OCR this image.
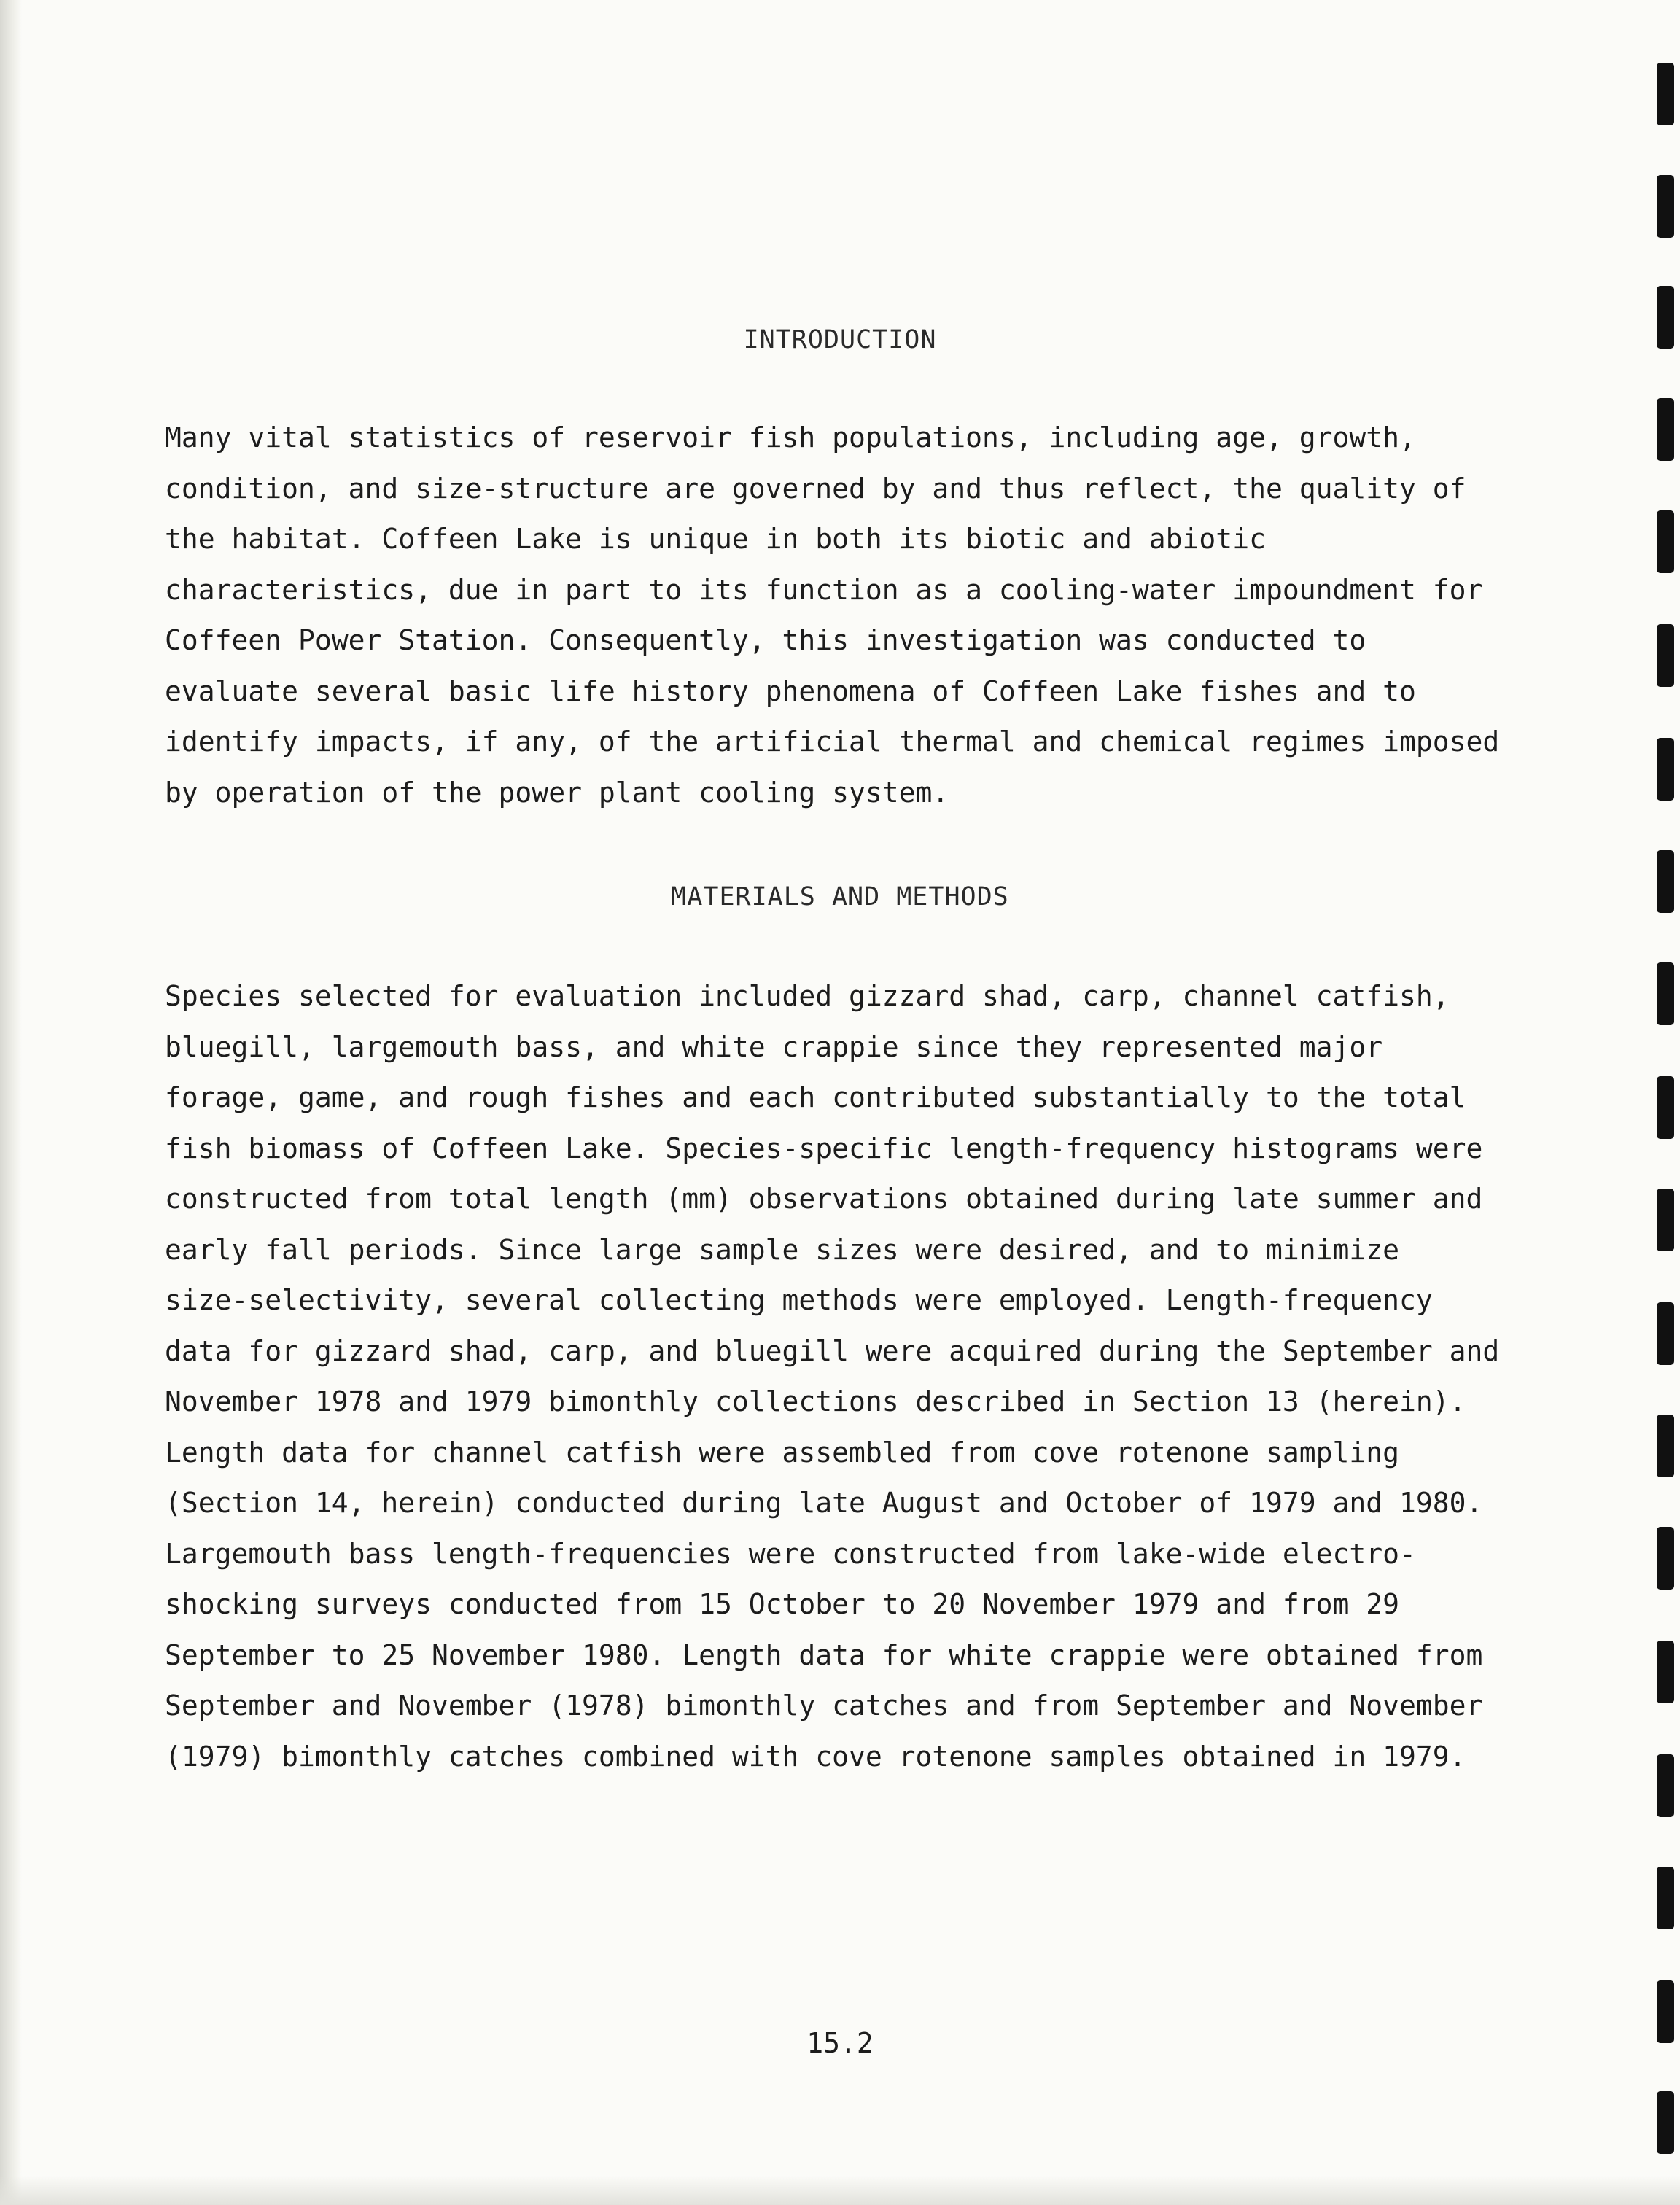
INTRODUCTION
Many vital statistics of reservoir fish populations, including age, growth,
condition, and size-structure are governed by and thus reflect, the quality of
the habitat. Coffeen Lake is unique in both its biotic and abiotic
characteristics, due in part to its function as a cooling-water impoundment for
Coffeen Power Station. Consequently, this investigation was conducted to
evaluate several basic life history phenomena of Coffeen Lake fishes and to
identify impacts, if any, of the artificial thermal and chemical regimes imposed
by operation of the power plant cooling system.
MATERIALS AND METHODS
Species selected for evaluation included gizzard shad, carp, channel catfish,
bluegill, largemouth bass, and white crappie since they represented major
forage, game, and rough fishes and each contributed substantially to the total
fish biomass of Coffeen Lake. Species-specific length-frequency histograms were
constructed from total length (mm) observations obtained during late summer and
early fall periods. Since large sample sizes were desired, and to minimize
size-selectivity, several collecting methods were employed. Length-frequency
data for gizzard shad, carp, and bluegill were acquired during the September and
November 1978 and 1979 bimonthly collections described in Section 13 (herein).
Length data for channel catfish were assembled from cove rotenone sampling
(Section 14, herein) conducted during late August and October of 1979 and 1980.
Largemouth bass length-frequencies were constructed from lake-wide electro-
shocking surveys conducted from 15 October to 20 November 1979 and from 29
September to 25 November 1980. Length data for white crappie were obtained from
September and November (1978) bimonthly catches and from September and November
(1979) bimonthly catches combined with cove rotenone samples obtained in 1979.
15.2
